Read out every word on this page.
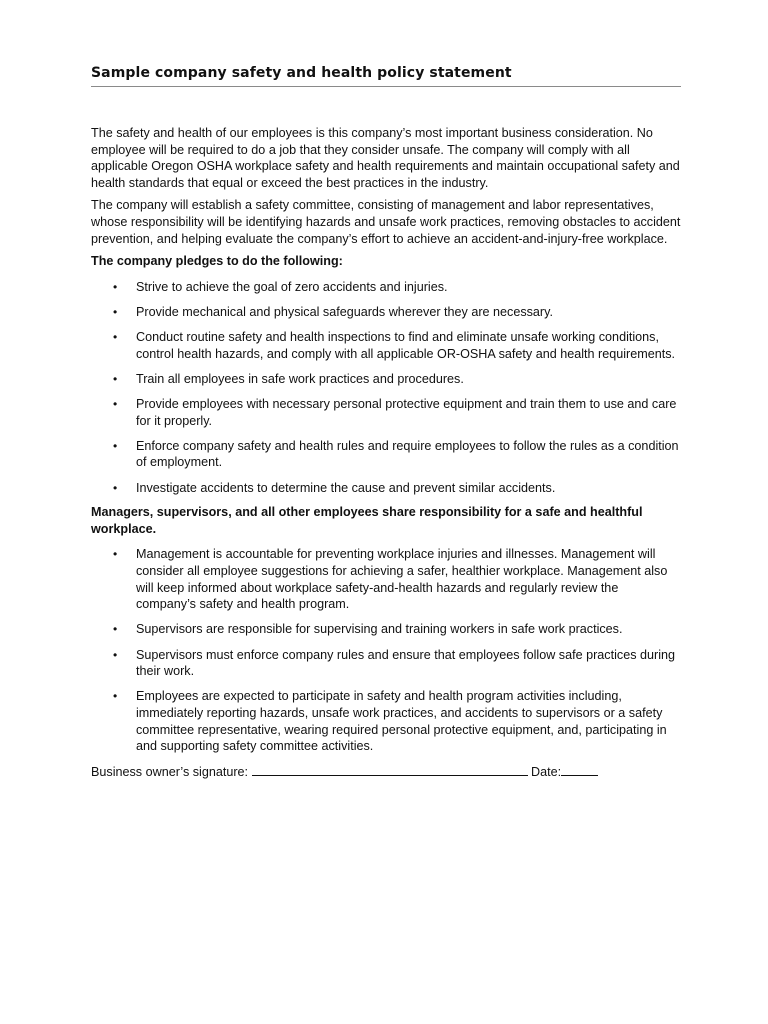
Sample company safety and health policy statement

The safety and health of our employees is this company’s most important business consideration. No employee will be required to do a job that they consider unsafe. The company will comply with all applicable Oregon OSHA workplace safety and health requirements and maintain occupational safety and health standards that equal or exceed the best practices in the industry.

The company will establish a safety committee, consisting of management and labor representatives, whose responsibility will be identifying hazards and unsafe work practices, removing obstacles to accident prevention, and helping evaluate the company’s effort to achieve an accident-and-injury-free workplace.

The company pledges to do the following:

• Strive to achieve the goal of zero accidents and injuries.
• Provide mechanical and physical safeguards wherever they are necessary.
• Conduct routine safety and health inspections to find and eliminate unsafe working conditions, control health hazards, and comply with all applicable OR-OSHA safety and health requirements.
• Train all employees in safe work practices and procedures.
• Provide employees with necessary personal protective equipment and train them to use and care for it properly.
• Enforce company safety and health rules and require employees to follow the rules as a condition of employment.
• Investigate accidents to determine the cause and prevent similar accidents.

Managers, supervisors, and all other employees share responsibility for a safe and healthful workplace.

• Management is accountable for preventing workplace injuries and illnesses. Management will consider all employee suggestions for achieving a safer, healthier workplace. Management also will keep informed about workplace safety-and-health hazards and regularly review the company’s safety and health program.
• Supervisors are responsible for supervising and training workers in safe work practices.
• Supervisors must enforce company rules and ensure that employees follow safe practices during their work.
• Employees are expected to participate in safety and health program activities including, immediately reporting hazards, unsafe work practices, and accidents to supervisors or a safety committee representative, wearing required personal protective equipment, and, participating in and supporting safety committee activities.
Business owner’s signature:	Date:
